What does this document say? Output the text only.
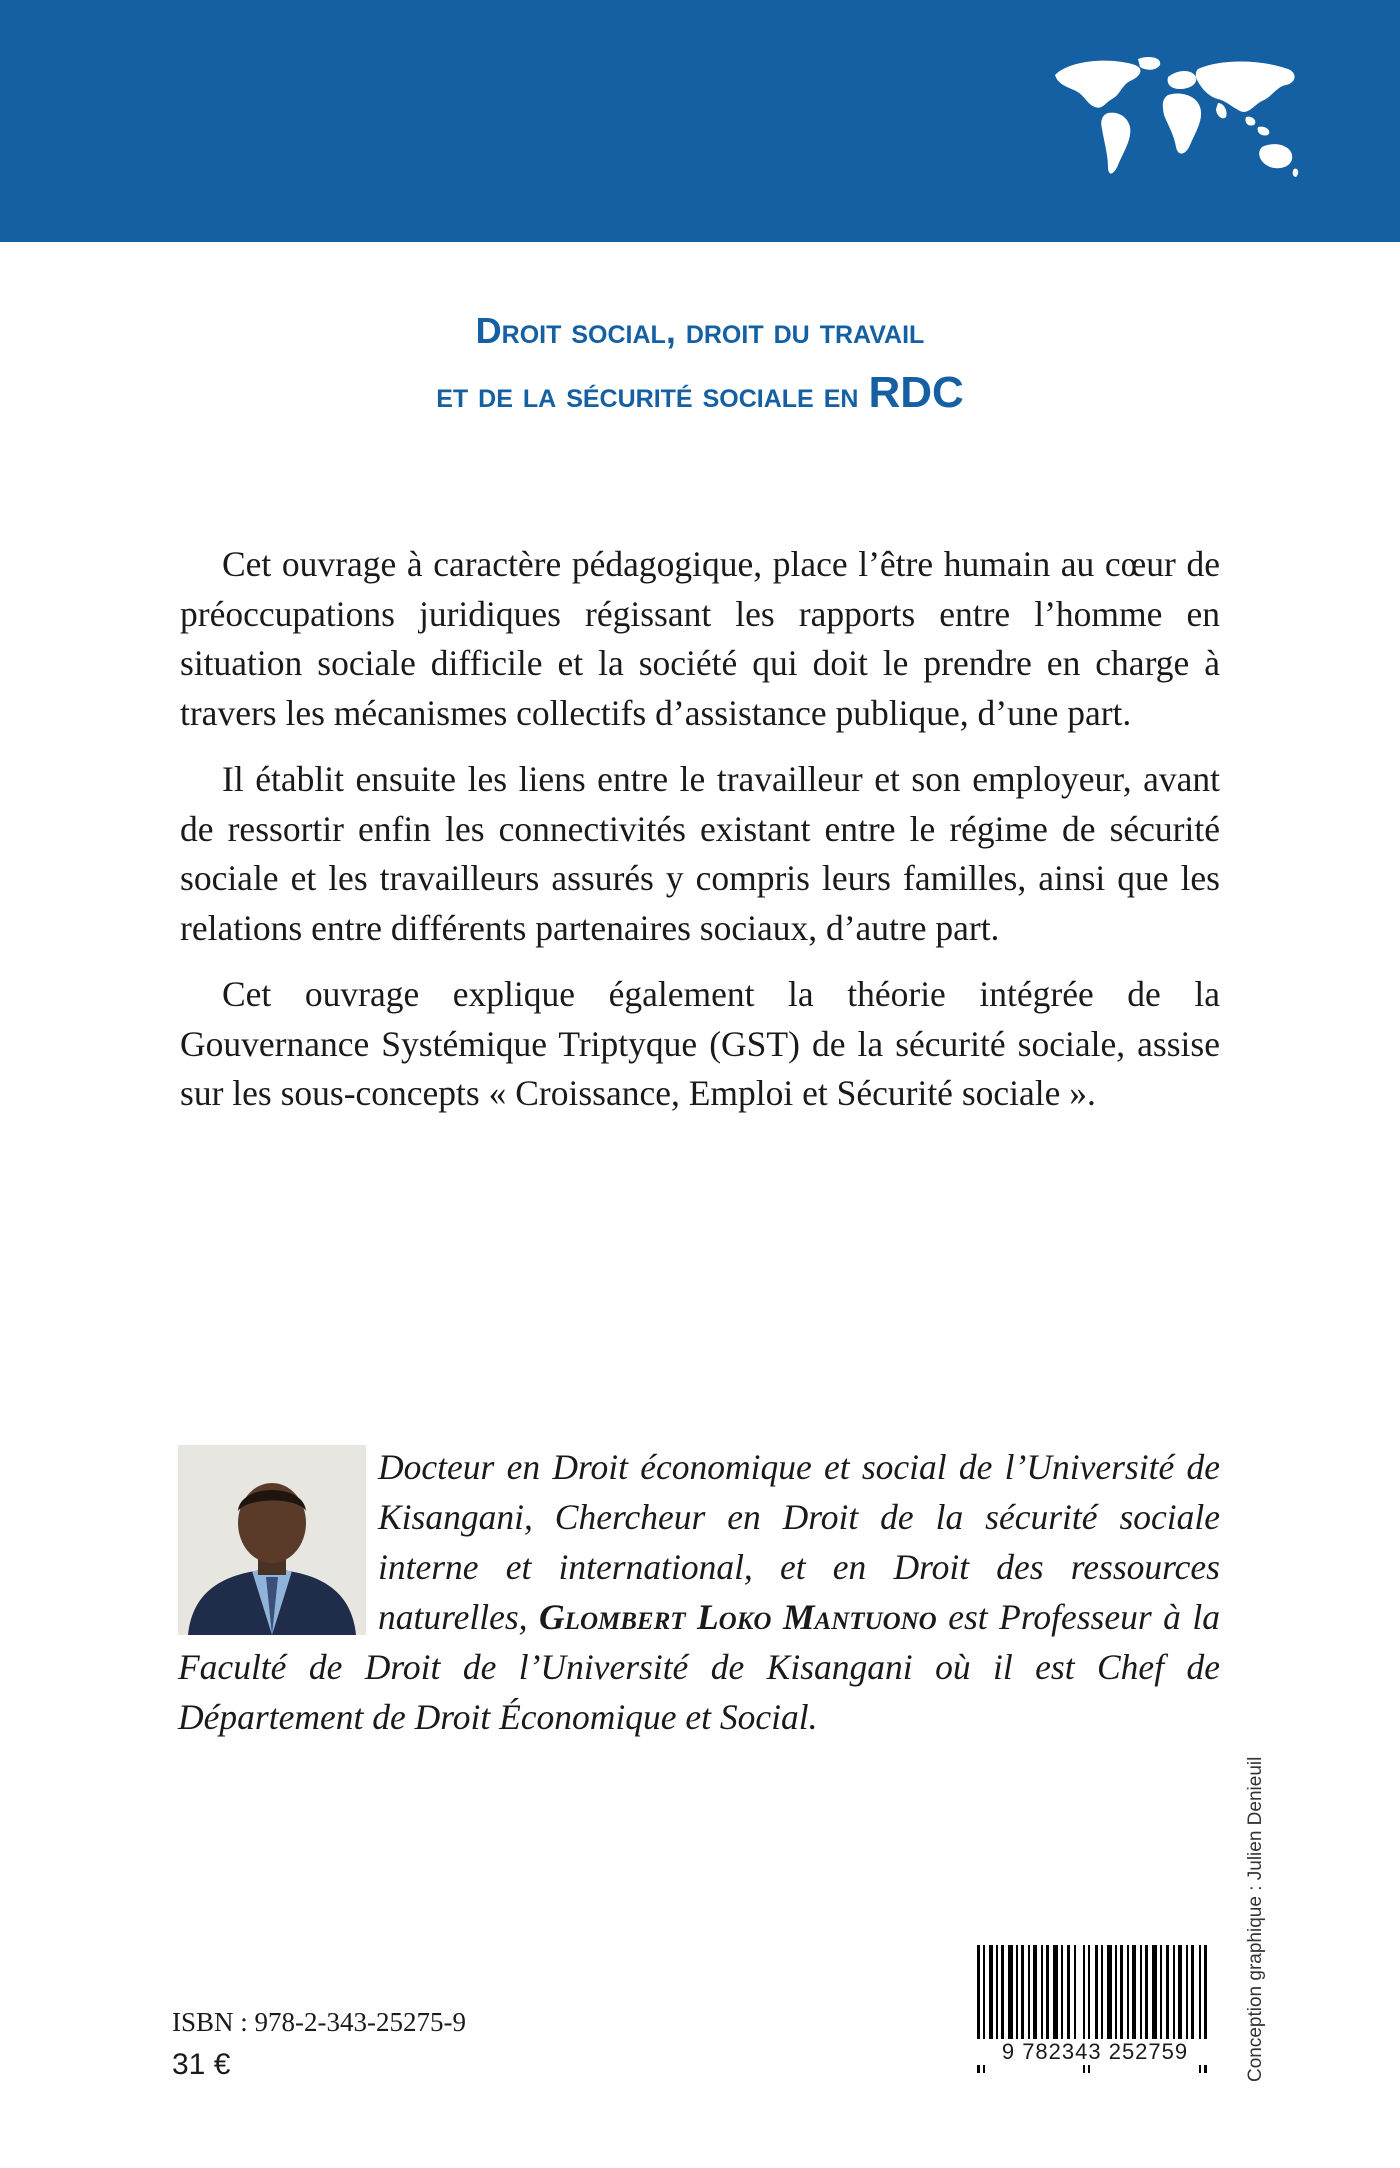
Droit social, droit du travail
et de la sécurité sociale en RDC

Cet ouvrage à caractère pédagogique, place l’être humain au cœur de préoccupations juridiques régissant les rapports entre l’homme en situation sociale difficile et la société qui doit le prendre en charge à travers les mécanismes collectifs d’assistance publique, d’une part.

Il établit ensuite les liens entre le travailleur et son employeur, avant de ressortir enfin les connectivités existant entre le régime de sécurité sociale et les travailleurs assurés y compris leurs familles, ainsi que les relations entre différents partenaires sociaux, d’autre part.

Cet ouvrage explique également la théorie intégrée de la Gouvernance Systémique Triptyque (GST) de la sécurité sociale, assise sur les sous-concepts « Croissance, Emploi et Sécurité sociale ».

Docteur en Droit économique et social de l’Université de Kisangani, Chercheur en Droit de la sécurité sociale interne et international, et en Droit des ressources naturelles, Glombert Loko Mantuono est Professeur à la Faculté de Droit de l’Université de Kisangani où il est Chef de Département de Droit Économique et Social.
ISBN : 978-2-343-25275-9
31 €	9 782343 252759	Conception graphique : Julien Denieuil
